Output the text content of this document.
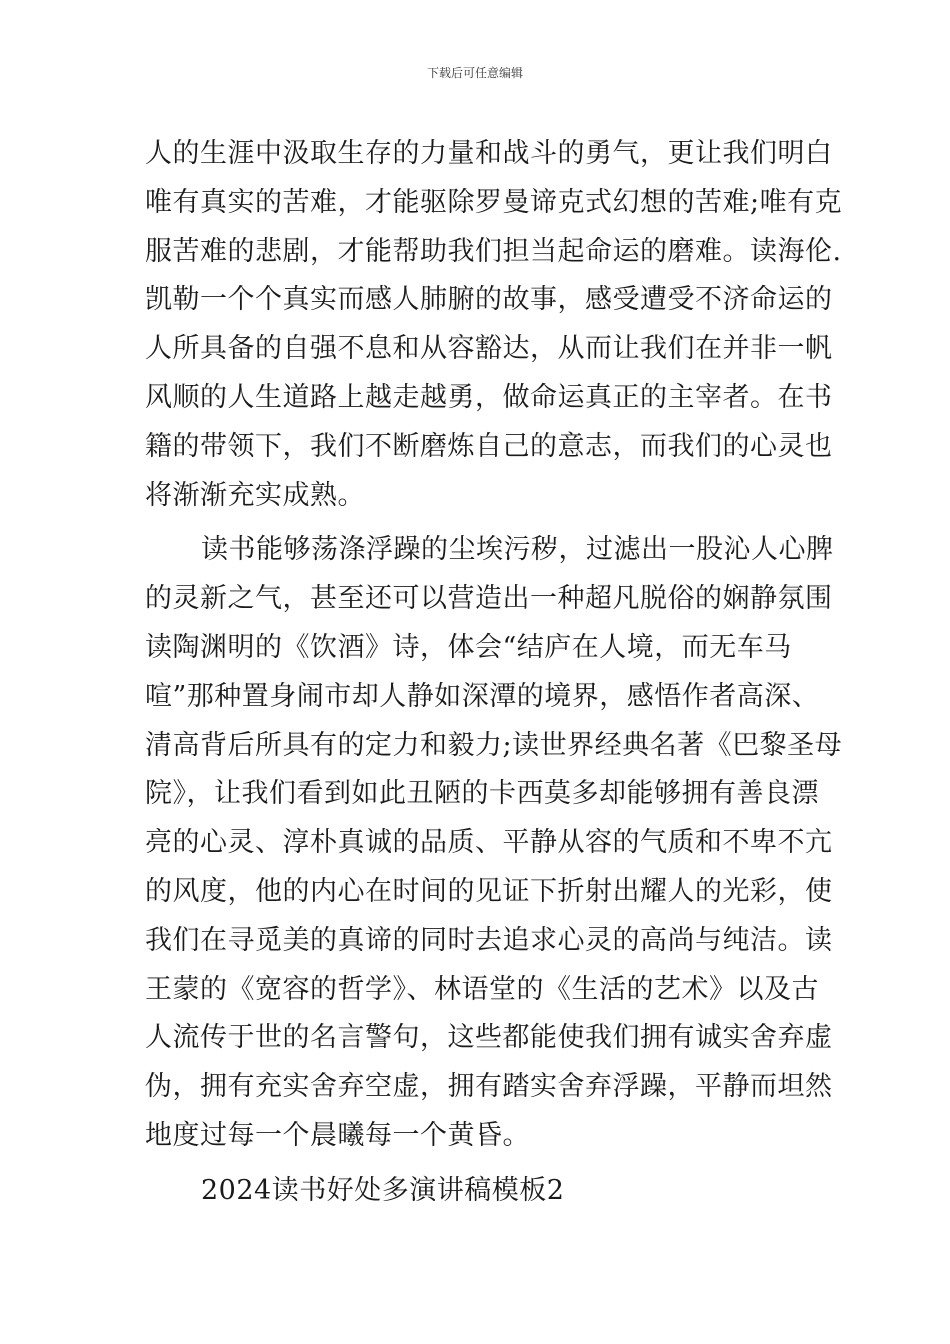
下载后可任意编辑
人的生涯中汲取生存的力量和战斗的勇气，更让我们明白
唯有真实的苦难，才能驱除罗曼谛克式幻想的苦难;唯有克
服苦难的悲剧，才能帮助我们担当起命运的磨难。读海伦.
凯勒一个个真实而感人肺腑的故事，感受遭受不济命运的
人所具备的自强不息和从容豁达，从而让我们在并非一帆
风顺的人生道路上越走越勇，做命运真正的主宰者。在书
籍的带领下，我们不断磨炼自己的意志，而我们的心灵也
将渐渐充实成熟。
读书能够荡涤浮躁的尘埃污秽，过滤出一股沁人心脾
的灵新之气，甚至还可以营造出一种超凡脱俗的娴静氛围
读陶渊明的《饮酒》诗，体会“结庐在人境，而无车马
喧”那种置身闹市却人静如深潭的境界，感悟作者高深、
清高背后所具有的定力和毅力;读世界经典名著《巴黎圣母
院》，让我们看到如此丑陋的卡西莫多却能够拥有善良漂
亮的心灵、淳朴真诚的品质、平静从容的气质和不卑不亢
的风度，他的内心在时间的见证下折射出耀人的光彩，使
我们在寻觅美的真谛的同时去追求心灵的高尚与纯洁。读
王蒙的《宽容的哲学》、林语堂的《生活的艺术》以及古
人流传于世的名言警句，这些都能使我们拥有诚实舍弃虚
伪，拥有充实舍弃空虚，拥有踏实舍弃浮躁，平静而坦然
地度过每一个晨曦每一个黄昏。
2024读书好处多演讲稿模板2
